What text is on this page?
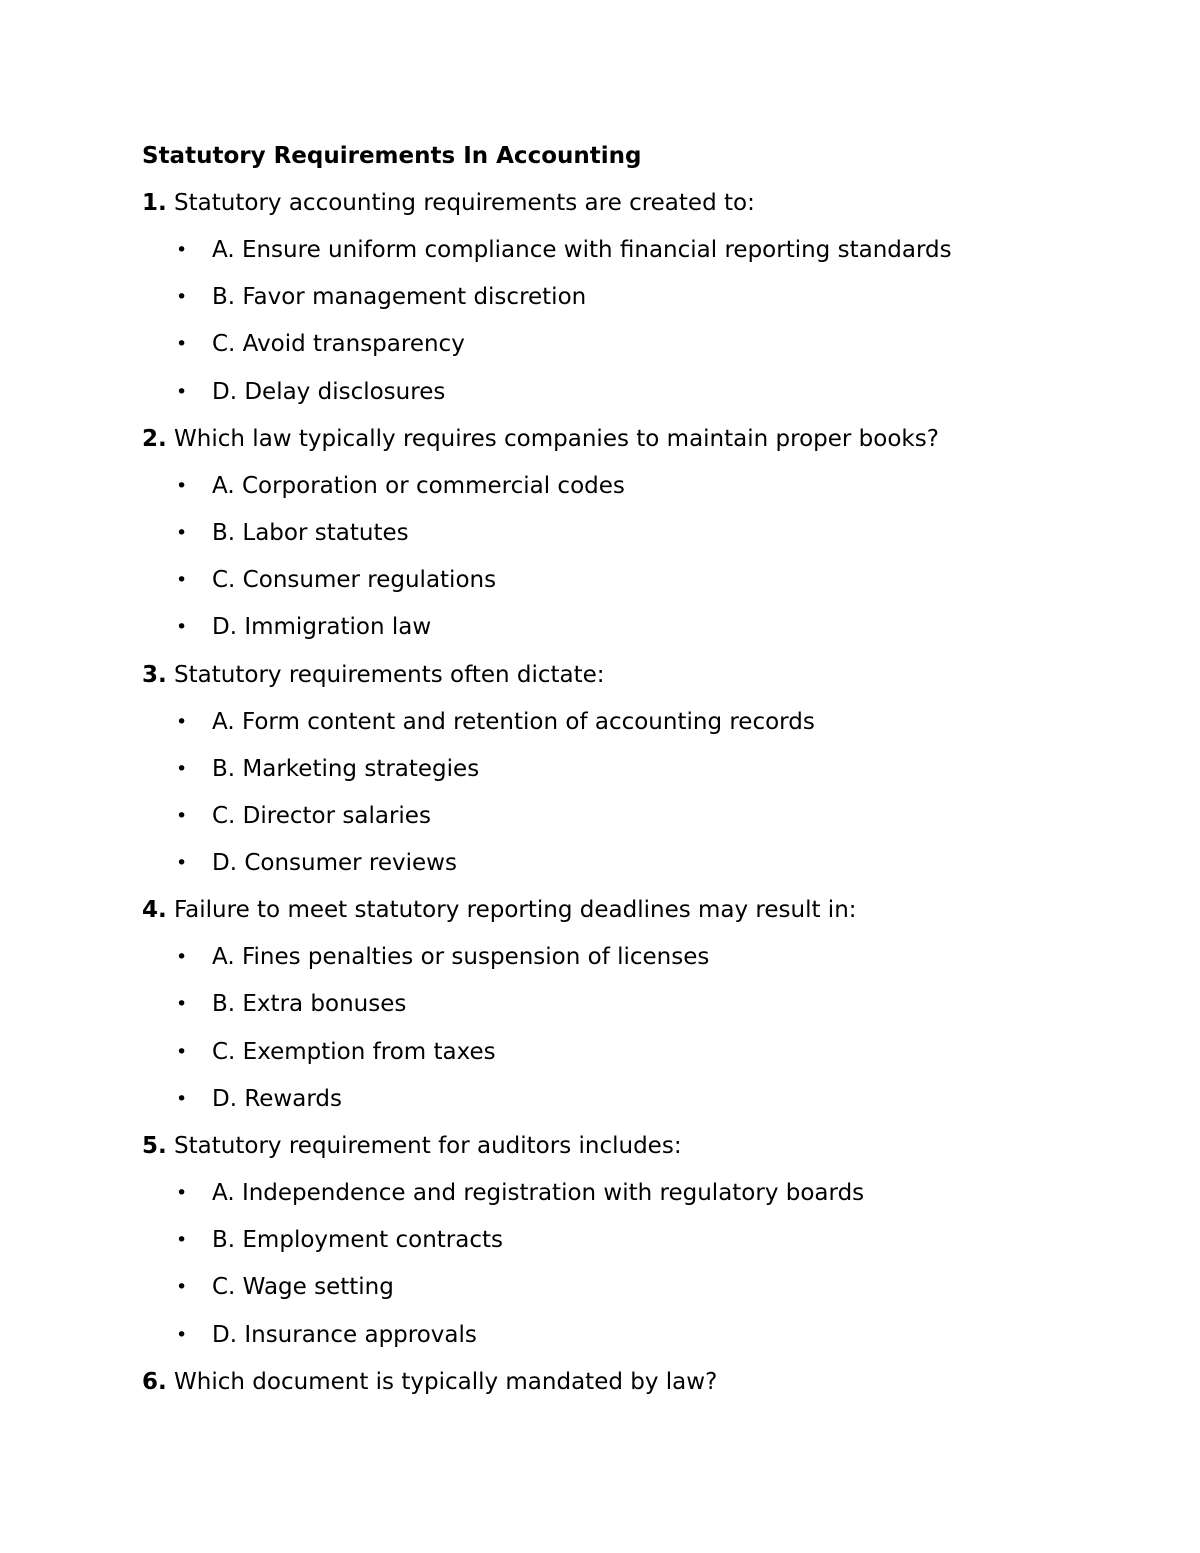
Statutory Requirements In Accounting

1. Statutory accounting requirements are created to:

• A. Ensure uniform compliance with financial reporting standards
• B. Favor management discretion
• C. Avoid transparency
• D. Delay disclosures

2. Which law typically requires companies to maintain proper books?

• A. Corporation or commercial codes
• B. Labor statutes
• C. Consumer regulations
• D. Immigration law

3. Statutory requirements often dictate:

• A. Form content and retention of accounting records
• B. Marketing strategies
• C. Director salaries
• D. Consumer reviews

4. Failure to meet statutory reporting deadlines may result in:

• A. Fines penalties or suspension of licenses
• B. Extra bonuses
• C. Exemption from taxes
• D. Rewards

5. Statutory requirement for auditors includes:

• A. Independence and registration with regulatory boards
• B. Employment contracts
• C. Wage setting
• D. Insurance approvals

6. Which document is typically mandated by law?
